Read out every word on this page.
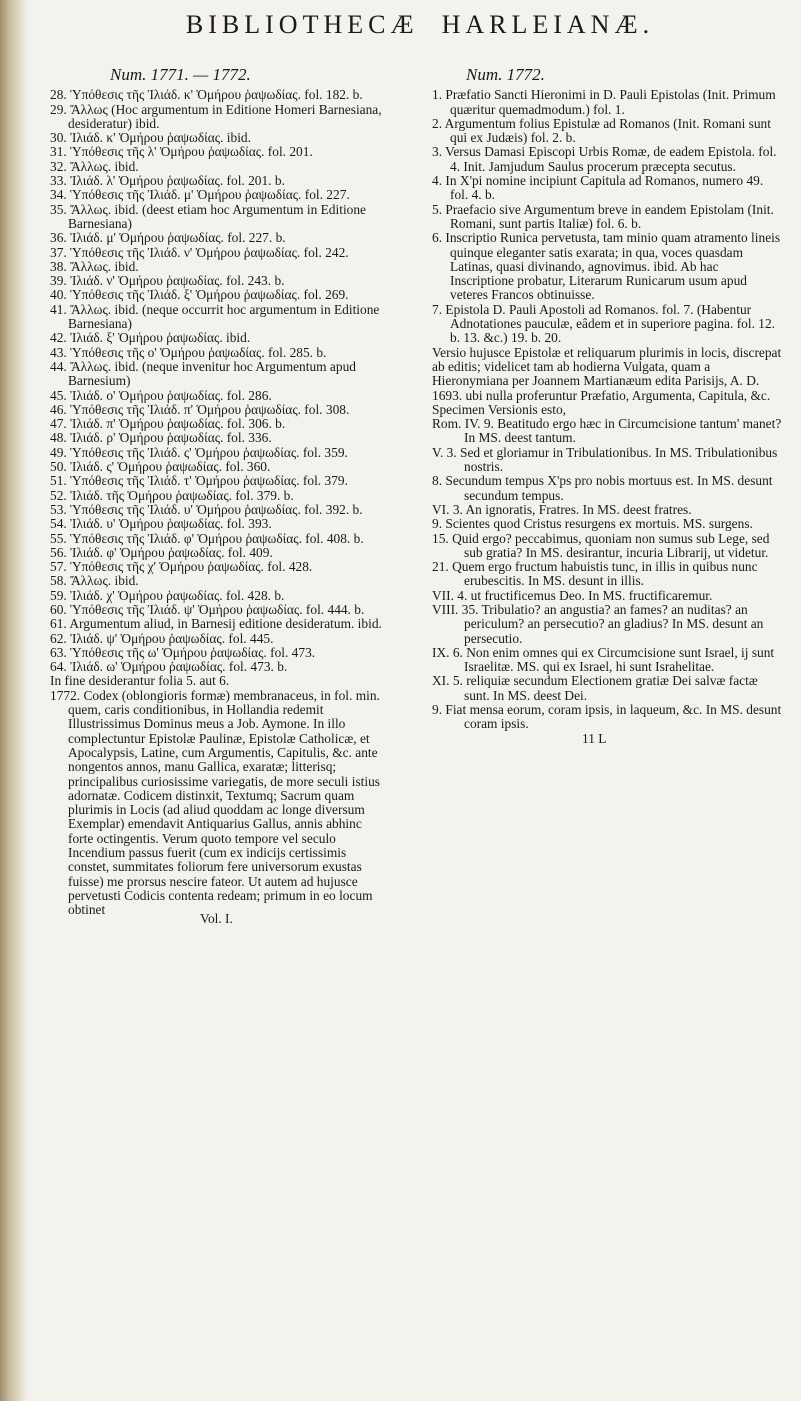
BIBLIOTHECÆ HARLEIANÆ.

Num. 1771. — 1772.

28. Ὑπόθεσις τῆς Ἰλιάδ. κ' Ὁμήρου ῥαψωδίας. fol. 182. b.

29. Ἄλλως (Hoc argumentum in Editione Homeri Barnesiana, desideratur) ibid.

30. Ἰλιάδ. κ' Ὁμήρου ῥαψωδίας. ibid.

31. Ὑπόθεσις τῆς λ' Ὁμήρου ῥαψωδίας. fol. 201.

32. Ἄλλως. ibid.

33. Ἰλιάδ. λ' Ὁμήρου ῥαψωδίας. fol. 201. b.

34. Ὑπόθεσις τῆς Ἰλιάδ. μ' Ὁμήρου ῥαψωδίας. fol. 227.

35. Ἄλλως. ibid. (deest etiam hoc Argumentum in Editione Barnesiana)

36. Ἰλιάδ. μ' Ὁμήρου ῥαψωδίας. fol. 227. b.

37. Ὑπόθεσις τῆς Ἰλιάδ. ν' Ὁμήρου ῥαψωδίας. fol. 242.

38. Ἄλλως. ibid.

39. Ἰλιάδ. ν' Ὁμήρου ῥαψωδίας. fol. 243. b.

40. Ὑπόθεσις τῆς Ἰλιάδ. ξ' Ὁμήρου ῥαψωδίας. fol. 269.

41. Ἄλλως. ibid. (neque occurrit hoc argumentum in Editione Barnesiana)

42. Ἰλιάδ. ξ' Ὁμήρου ῥαψωδίας. ibid.

43. Ὑπόθεσις τῆς ο' Ὁμήρου ῥαψωδίας. fol. 285. b.

44. Ἄλλως. ibid. (neque invenitur hoc Argumentum apud Barnesium)

45. Ἰλιάδ. ο' Ὁμήρου ῥαψωδίας. fol. 286.

46. Ὑπόθεσις τῆς Ἰλιάδ. π' Ὁμήρου ῥαψωδίας. fol. 308.

47. Ἰλιάδ. π' Ὁμήρου ῥαψωδίας. fol. 306. b.

48. Ἰλιάδ. ρ' Ὁμήρου ῥαψωδίας. fol. 336.

49. Ὑπόθεσις τῆς Ἰλιάδ. ς' Ὁμήρου ῥαψωδίας. fol. 359.

50. Ἰλιάδ. ς' Ὁμήρου ῥαψωδίας. fol. 360.

51. Ὑπόθεσις τῆς Ἰλιάδ. τ' Ὁμήρου ῥαψωδίας. fol. 379.

52. Ἰλιάδ. τῆς Ὁμήρου ῥαψωδίας. fol. 379. b.

53. Ὑπόθεσις τῆς Ἰλιάδ. υ' Ὁμήρου ῥαψωδίας. fol. 392. b.

54. Ἰλιάδ. υ' Ὁμήρου ῥαψωδίας. fol. 393.

55. Ὑπόθεσις τῆς Ἰλιάδ. φ' Ὁμήρου ῥαψωδίας. fol. 408. b.

56. Ἰλιάδ. φ' Ὁμήρου ῥαψωδίας. fol. 409.

57. Ὑπόθεσις τῆς χ' Ὁμήρου ῥαψωδίας. fol. 428.

58. Ἄλλως. ibid.

59. Ἰλιάδ. χ' Ὁμήρου ῥαψωδίας. fol. 428. b.

60. Ὑπόθεσις τῆς Ἰλιάδ. ψ' Ὁμήρου ῥαψωδίας. fol. 444. b.

61. Argumentum aliud, in Barnesij editione desideratum. ibid.

62. Ἰλιάδ. ψ' Ὁμήρου ῥαψωδίας. fol. 445.

63. Ὑπόθεσις τῆς ω' Ὁμήρου ῥαψωδίας. fol. 473.

64. Ἰλιάδ. ω' Ὁμήρου ῥαψωδίας. fol. 473. b.

In fine desiderantur folia 5. aut 6.

1772. Codex (oblongioris formæ) membranaceus, in fol. min. quem, caris conditionibus, in Hollandia redemit Illustrissimus Dominus meus a Job. Aymone. In illo complectuntur Epistolæ Paulinæ, Epistolæ Catholicæ, et Apocalypsis, Latine, cum Argumentis, Capitulis, &c. ante nongentos annos, manu Gallica, exaratæ; litterisq; principalibus curiosissime variegatis, de more seculi istius adornatæ. Codicem distinxit, Textumq; Sacrum quam plurimis in Locis (ad aliud quoddam ac longe diversum Exemplar) emendavit Antiquarius Gallus, annis abhinc forte octingentis. Verum quoto tempore vel seculo Incendium passus fuerit (cum ex indicijs certissimis constet, summitates foliorum fere universorum exustas fuisse) me prorsus nescire fateor. Ut autem ad hujusce pervetusti Codicis contenta redeam; primum in eo locum obtinet

Vol. I.

Num. 1772.

1. Præfatio Sancti Hieronimi in D. Pauli Epistolas (Init. Primum quæritur quemadmodum.) fol. 1.

2. Argumentum folius Epistulæ ad Romanos (Init. Romani sunt qui ex Judæis) fol. 2. b.

3. Versus Damasi Episcopi Urbis Romæ, de eadem Epistola. fol. 4. Init. Jamjudum Saulus procerum præcepta secutus.

4. In X'pi nomine incipiunt Capitula ad Romanos, numero 49. fol. 4. b.

5. Praefacio sive Argumentum breve in eandem Epistolam (Init. Romani, sunt partis Italiæ) fol. 6. b.

6. Inscriptio Runica pervetusta, tam minio quam atramento lineis quinque eleganter satis exarata; in qua, voces quasdam Latinas, quasi divinando, agnovimus. ibid. Ab hac Inscriptione probatur, Literarum Runicarum usum apud veteres Francos obtinuisse.

7. Epistola D. Pauli Apostoli ad Romanos. fol. 7. (Habentur Adnotationes pauculæ, eâdem et in superiore pagina. fol. 12. b. 13. &c.) 19. b. 20.

Versio hujusce Epistolæ et reliquarum plurimis in locis, discrepat ab editis; videlicet tam ab hodierna Vulgata, quam a Hieronymiana per Joannem Martianæum edita Parisijs, A. D. 1693. ubi nulla proferuntur Præfatio, Argumenta, Capitula, &c.

Specimen Versionis esto,

Rom. IV. 9. Beatitudo ergo hæc in Circumcisione tantum' manet? In MS. deest tantum.

V. 3. Sed et gloriamur in Tribulationibus. In MS. Tribulationibus nostris.

8. Secundum tempus X'ps pro nobis mortuus est. In MS. desunt secundum tempus.

VI. 3. An ignoratis, Fratres. In MS. deest fratres.

9. Scientes quod Cristus resurgens ex mortuis. MS. surgens.

15. Quid ergo? peccabimus, quoniam non sumus sub Lege, sed sub gratia? In MS. desirantur, incuria Librarij, ut videtur.

21. Quem ergo fructum habuistis tunc, in illis in quibus nunc erubescitis. In MS. desunt in illis.

VII. 4. ut fructificemus Deo. In MS. fructificaremur.

VIII. 35. Tribulatio? an angustia? an fames? an nuditas? an periculum? an persecutio? an gladius? In MS. desunt an persecutio.

IX. 6. Non enim omnes qui ex Circumcisione sunt Israel, ij sunt Israelitæ. MS. qui ex Israel, hi sunt Israhelitae.

XI. 5. reliquiæ secundum Electionem gratiæ Dei salvæ factæ sunt. In MS. deest Dei.

9. Fiat mensa eorum, coram ipsis, in laqueum, &c. In MS. desunt coram ipsis.

11 L
